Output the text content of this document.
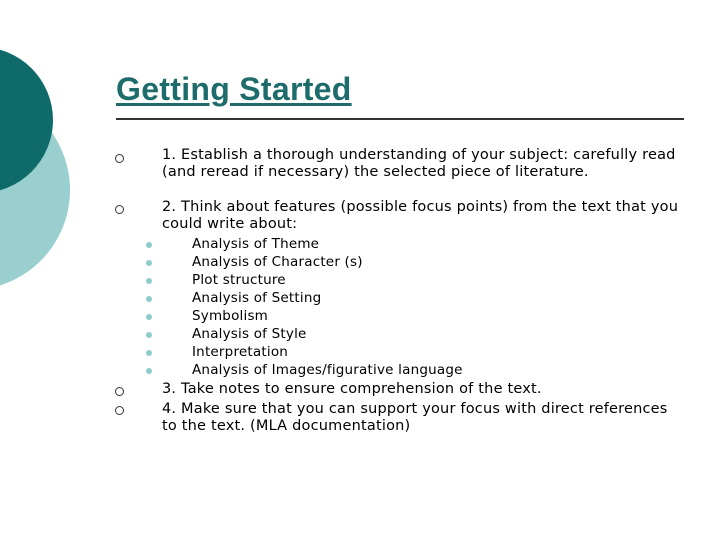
Getting Started

1. Establish a thorough understanding of your subject: carefully read (and reread if necessary) the selected piece of literature.

2. Think about features (possible focus points) from the text that you could write about:

Analysis of Theme

Analysis of Character (s)

Plot structure

Analysis of Setting

Symbolism

Analysis of Style

Interpretation

Analysis of Images/figurative language

3. Take notes to ensure comprehension of the text.

4. Make sure that you can support your focus with direct references to the text. (MLA documentation)
